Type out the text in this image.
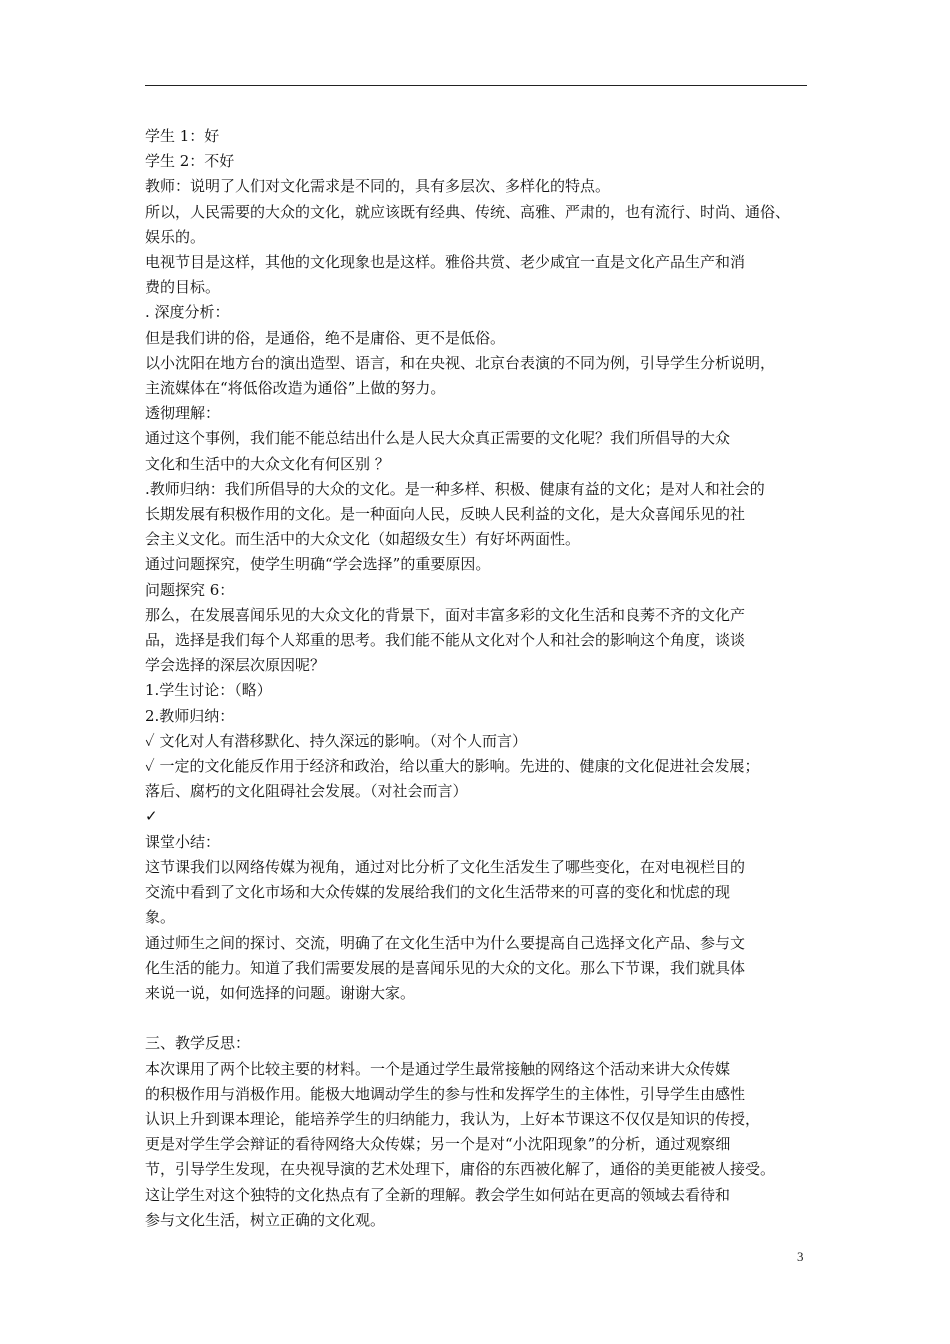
学生 1：好
学生 2：不好
教师：说明了人们对文化需求是不同的，具有多层次、多样化的特点。
所以，人民需要的大众的文化，就应该既有经典、传统、高雅、严肃的，也有流行、时尚、通俗、
娱乐的。
电视节目是这样，其他的文化现象也是这样。雅俗共赏、老少咸宜一直是文化产品生产和消
费的目标。
. 深度分析：
但是我们讲的俗，是通俗，绝不是庸俗、更不是低俗。
以小沈阳在地方台的演出造型、语言，和在央视、北京台表演的不同为例，引导学生分析说明，
主流媒体在“将低俗改造为通俗”上做的努力。
透彻理解：
通过这个事例，我们能不能总结出什么是人民大众真正需要的文化呢？我们所倡导的大众
文化和生活中的大众文化有何区别 ？
.教师归纳：我们所倡导的大众的文化。是一种多样、积极、健康有益的文化；是对人和社会的
长期发展有积极作用的文化。是一种面向人民，反映人民利益的文化，是大众喜闻乐见的社
会主义文化。而生活中的大众文化（如超级女生）有好坏两面性。
通过问题探究，使学生明确“学会选择”的重要原因。
问题探究 6：
那么，在发展喜闻乐见的大众文化的背景下，面对丰富多彩的文化生活和良莠不齐的文化产
品，选择是我们每个人郑重的思考。我们能不能从文化对个人和社会的影响这个角度，谈谈
学会选择的深层次原因呢？
1.学生讨论：（略）
2.教师归纳：
✓ 文化对人有潜移默化、持久深远的影响。（对个人而言）
✓ 一定的文化能反作用于经济和政治，给以重大的影响。先进的、健康的文化促进社会发展；
落后、腐朽的文化阻碍社会发展。（对社会而言）
✓
课堂小结：
这节课我们以网络传媒为视角，通过对比分析了文化生活发生了哪些变化，在对电视栏目的
交流中看到了文化市场和大众传媒的发展给我们的文化生活带来的可喜的变化和忧虑的现
象。
通过师生之间的探讨、交流，明确了在文化生活中为什么要提高自己选择文化产品、参与文
化生活的能力。知道了我们需要发展的是喜闻乐见的大众的文化。那么下节课，我们就具体
来说一说，如何选择的问题。谢谢大家。
三、教学反思：
本次课用了两个比较主要的材料。一个是通过学生最常接触的网络这个活动来讲大众传媒
的积极作用与消极作用。能极大地调动学生的参与性和发挥学生的主体性，引导学生由感性
认识上升到课本理论，能培养学生的归纳能力，我认为，上好本节课这不仅仅是知识的传授，
更是对学生学会辩证的看待网络大众传媒；另一个是对“小沈阳现象”的分析，通过观察细
节，引导学生发现，在央视导演的艺术处理下，庸俗的东西被化解了，通俗的美更能被人接受。
这让学生对这个独特的文化热点有了全新的理解。教会学生如何站在更高的领域去看待和
参与文化生活，树立正确的文化观。
3
